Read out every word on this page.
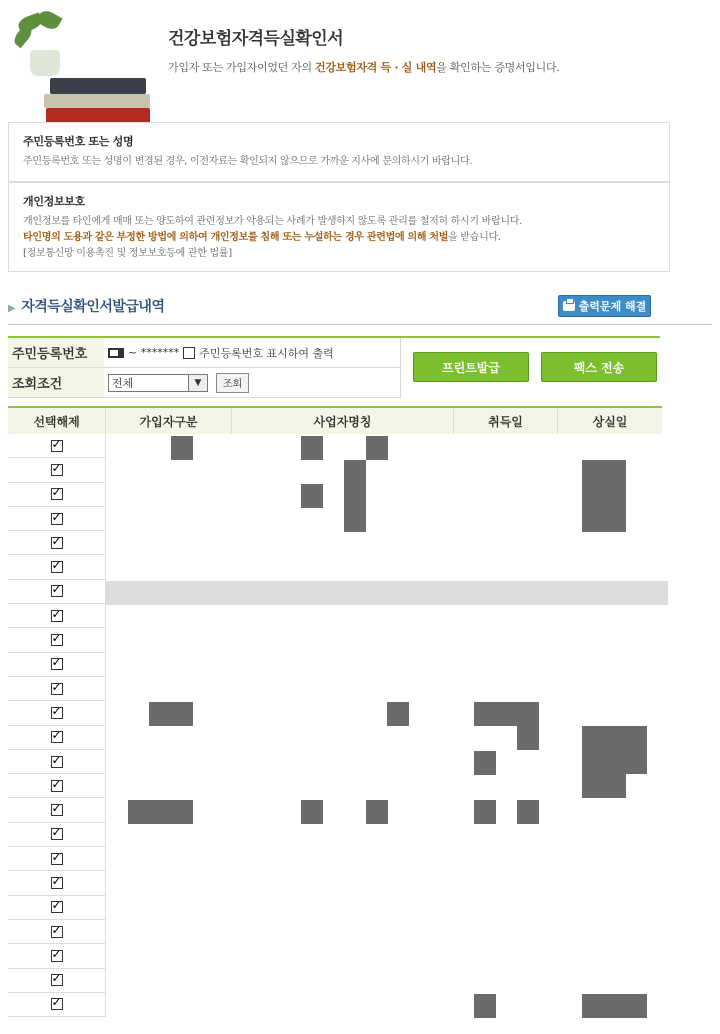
건강보험자격득실확인서
가입자 또는 가입자이었던 자의 건강보험자격 득 · 실 내역을 확인하는 증명서입니다.
주민등록번호 또는 성명
주민등록번호 또는 성명이 변경된 경우, 이전자료는 확인되지 않으므로 가까운 지사에 문의하시기 바랍니다.
개인정보보호
개인정보를 타인에게 매매 또는 양도하여 관련정보가 악용되는 사례가 발생하지 않도록 관리를 철저히 하시기 바랍니다.
타인명의 도용과 같은 부정한 방법에 의하여 개인정보를 침해 또는 누설하는 경우 관련법에 의해 처벌을 받습니다.
[정보통신망 이용촉진 및 정보보호등에 관한 법률]
▶ 자격득실확인서발급내역	출력문제 해결
주민등록번호	~ ******* 주민등록번호 표시하여 출력
조회조건	전체	▼	조회
프린트발급	팩스 전송
선택해제	가입자구분	사업자명칭	취득일	상실일
✓
✓
✓
✓
✓
✓
✓
✓
✓
✓
✓
✓
✓
✓
✓
✓
✓
✓
✓
✓
✓
✓
✓
✓
